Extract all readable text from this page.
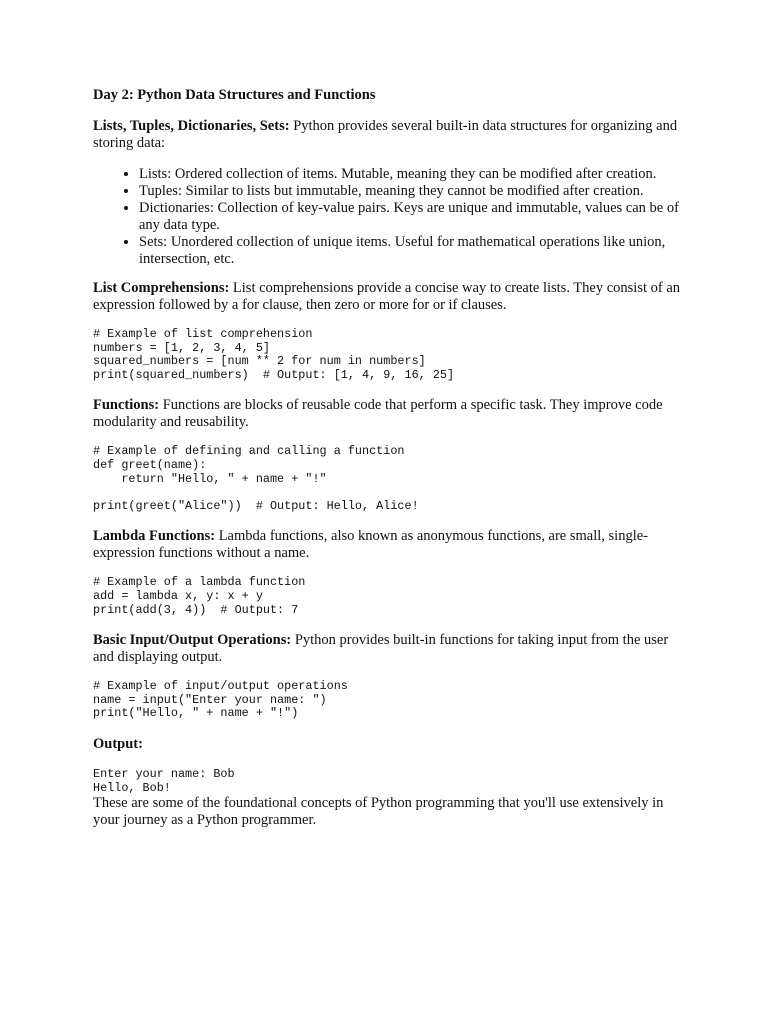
Day 2: Python Data Structures and Functions

Lists, Tuples, Dictionaries, Sets: Python provides several built-in data structures for organizing and storing data:

• Lists: Ordered collection of items. Mutable, meaning they can be modified after creation.
• Tuples: Similar to lists but immutable, meaning they cannot be modified after creation.
• Dictionaries: Collection of key-value pairs. Keys are unique and immutable, values can be of any data type.
• Sets: Unordered collection of unique items. Useful for mathematical operations like union, intersection, etc.

List Comprehensions: List comprehensions provide a concise way to create lists. They consist of an expression followed by a for clause, then zero or more for or if clauses.

# Example of list comprehension
numbers = [1, 2, 3, 4, 5]
squared_numbers = [num ** 2 for num in numbers]
print(squared_numbers)  # Output: [1, 4, 9, 16, 25]

Functions: Functions are blocks of reusable code that perform a specific task. They improve code modularity and reusability.

# Example of defining and calling a function
def greet(name):
return "Hello, " + name + "!"

print(greet("Alice"))  # Output: Hello, Alice!

Lambda Functions: Lambda functions, also known as anonymous functions, are small, single-expression functions without a name.

# Example of a lambda function
add = lambda x, y: x + y
print(add(3, 4))  # Output: 7

Basic Input/Output Operations: Python provides built-in functions for taking input from the user and displaying output.

# Example of input/output operations
name = input("Enter your name: ")
print("Hello, " + name + "!")
Output:
Enter your name: Bob
Hello, Bob!

These are some of the foundational concepts of Python programming that you'll use extensively in your journey as a Python programmer.
